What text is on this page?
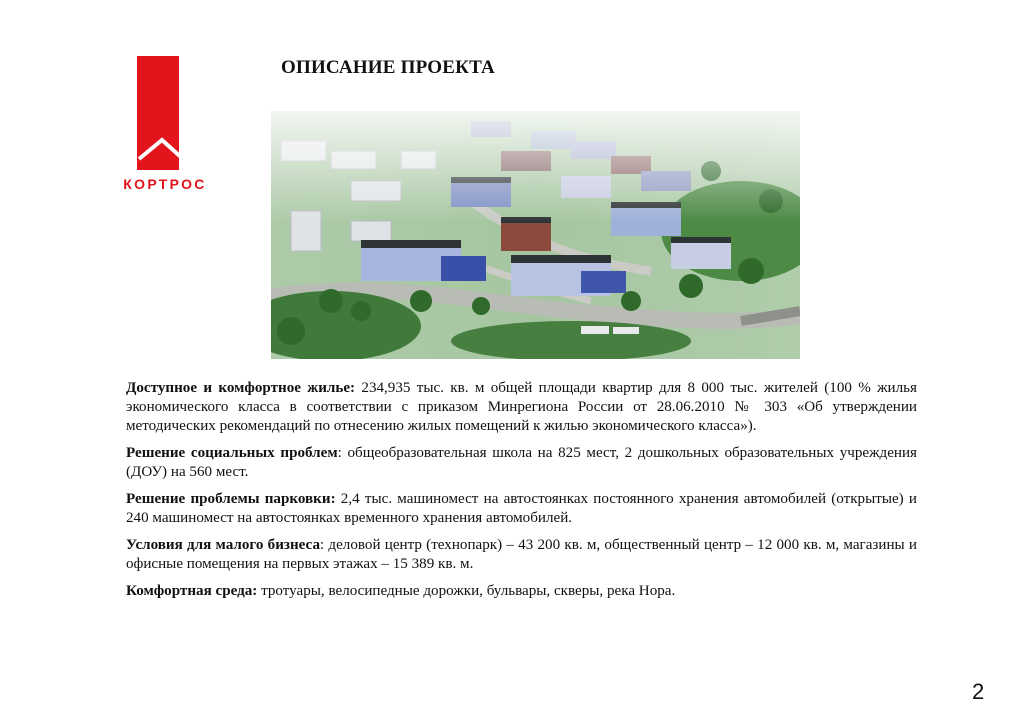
КОРТРОС
ОПИСАНИЕ ПРОЕКТА

Доступное и комфортное жилье: 234,935 тыс. кв. м общей площади квартир для 8 000 тыс. жителей (100 % жилья экономического класса в соответствии с приказом Минрегиона России от 28.06.2010 № 303 «Об утверждении методических рекомендаций по отнесению жилых помещений к жилью экономического класса»).

Решение социальных проблем: общеобразовательная школа на 825 мест, 2 дошкольных образовательных учреждения (ДОУ) на 560 мест.

Решение проблемы парковки: 2,4 тыс. машиномест на автостоянках постоянного хранения автомобилей (открытые) и 240 машиномест на автостоянках временного хранения автомобилей.

Условия для малого бизнеса: деловой центр (технопарк) – 43 200 кв. м, общественный центр – 12 000 кв. м, магазины и офисные помещения на первых этажах – 15 389 кв. м.

Комфортная среда: тротуары, велосипедные дорожки, бульвары, скверы, река Нора.

2
